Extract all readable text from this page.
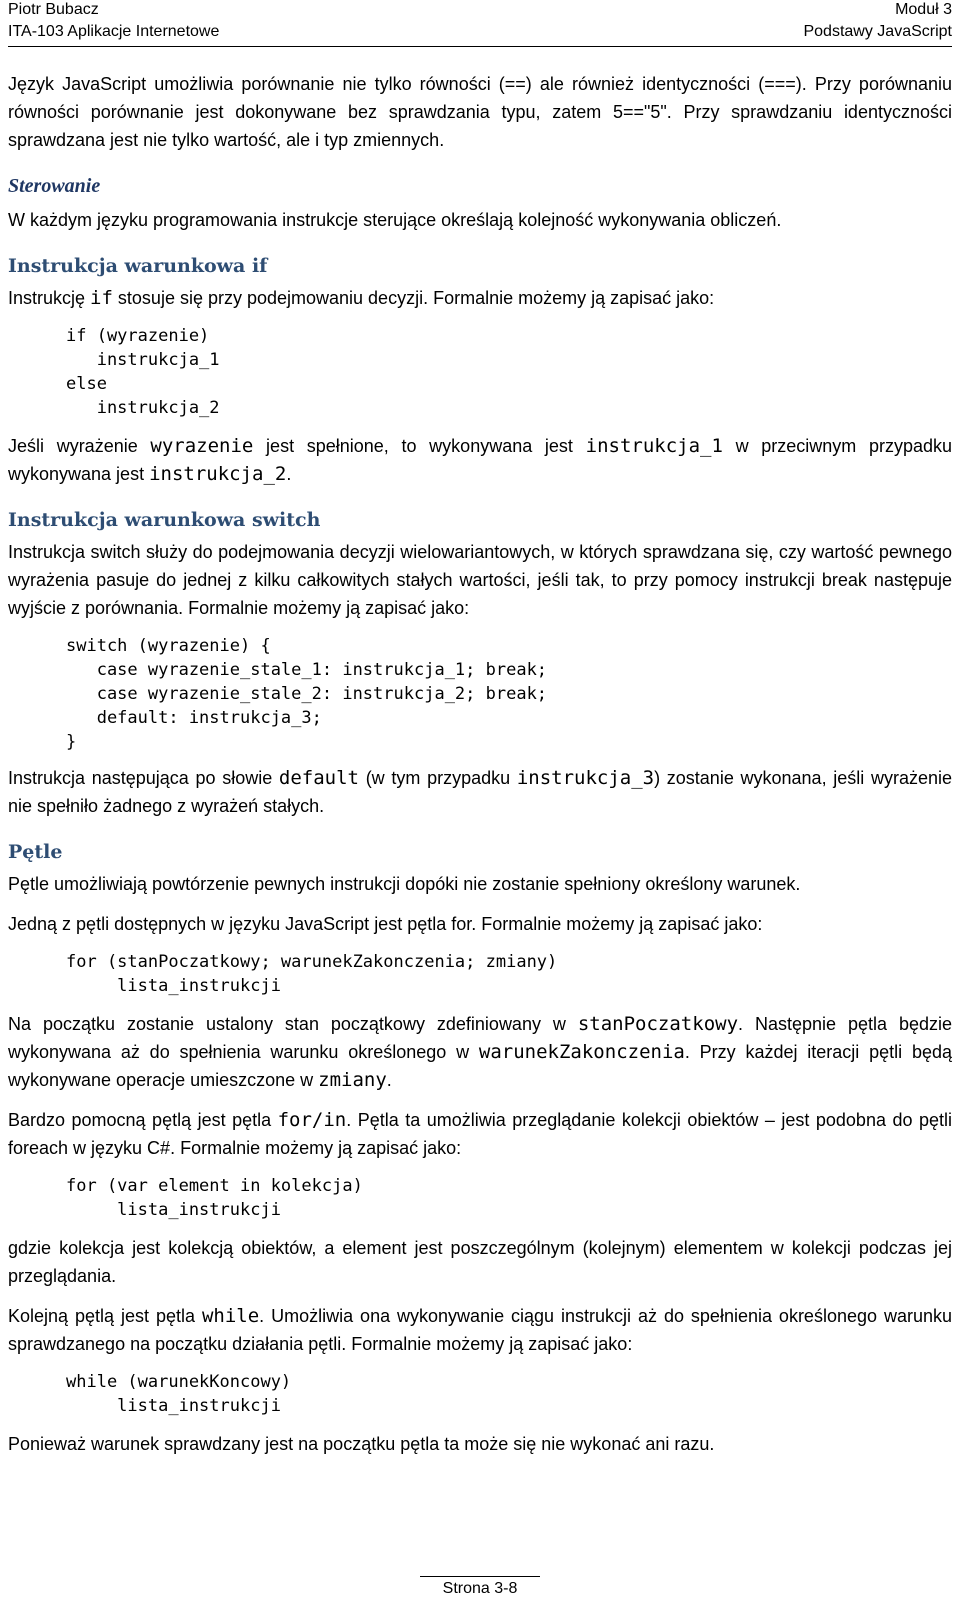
Piotr Bubacz
ITA-103 Aplikacje Internetowe
Moduł 3
Podstawy JavaScript

Język JavaScript umożliwia porównanie nie tylko równości (==) ale również identyczności (===). Przy porównaniu równości porównanie jest dokonywane bez sprawdzania typu, zatem 5=="5". Przy sprawdzaniu identyczności sprawdzana jest nie tylko wartość, ale i typ zmiennych.

Sterowanie

W każdym języku programowania instrukcje sterujące określają kolejność wykonywania obliczeń.

Instrukcja warunkowa if

Instrukcję if stosuje się przy podejmowaniu decyzji. Formalnie możemy ją zapisać jako:

if (wyrazenie)
instrukcja_1
else
instrukcja_2

Jeśli wyrażenie wyrazenie jest spełnione, to wykonywana jest instrukcja_1 w przeciwnym przypadku wykonywana jest instrukcja_2.

Instrukcja warunkowa switch

Instrukcja switch służy do podejmowania decyzji wielowariantowych, w których sprawdzana się, czy wartość pewnego wyrażenia pasuje do jednej z kilku całkowitych stałych wartości, jeśli tak, to przy pomocy instrukcji break następuje wyjście z porównania. Formalnie możemy ją zapisać jako:

switch (wyrazenie) {
case wyrazenie_stale_1: instrukcja_1; break;
case wyrazenie_stale_2: instrukcja_2; break;
default: instrukcja_3;
}

Instrukcja następująca po słowie default (w tym przypadku instrukcja_3) zostanie wykonana, jeśli wyrażenie nie spełniło żadnego z wyrażeń stałych.

Pętle

Pętle umożliwiają powtórzenie pewnych instrukcji dopóki nie zostanie spełniony określony warunek.

Jedną z pętli dostępnych w języku JavaScript jest pętla for. Formalnie możemy ją zapisać jako:

for (stanPoczatkowy; warunekZakonczenia; zmiany)
lista_instrukcji

Na początku zostanie ustalony stan początkowy zdefiniowany w stanPoczatkowy. Następnie pętla będzie wykonywana aż do spełnienia warunku określonego w warunekZakonczenia. Przy każdej iteracji pętli będą wykonywane operacje umieszczone w zmiany.

Bardzo pomocną pętlą jest pętla for/in. Pętla ta umożliwia przeglądanie kolekcji obiektów – jest podobna do pętli foreach w języku C#. Formalnie możemy ją zapisać jako:

for (var element in kolekcja)
lista_instrukcji

gdzie kolekcja jest kolekcją obiektów, a element jest poszczególnym (kolejnym) elementem w kolekcji podczas jej przeglądania.

Kolejną pętlą jest pętla while. Umożliwia ona wykonywanie ciągu instrukcji aż do spełnienia określonego warunku sprawdzanego na początku działania pętli. Formalnie możemy ją zapisać jako:

while (warunekKoncowy)
lista_instrukcji

Ponieważ warunek sprawdzany jest na początku pętla ta może się nie wykonać ani razu.

Strona 3-8
